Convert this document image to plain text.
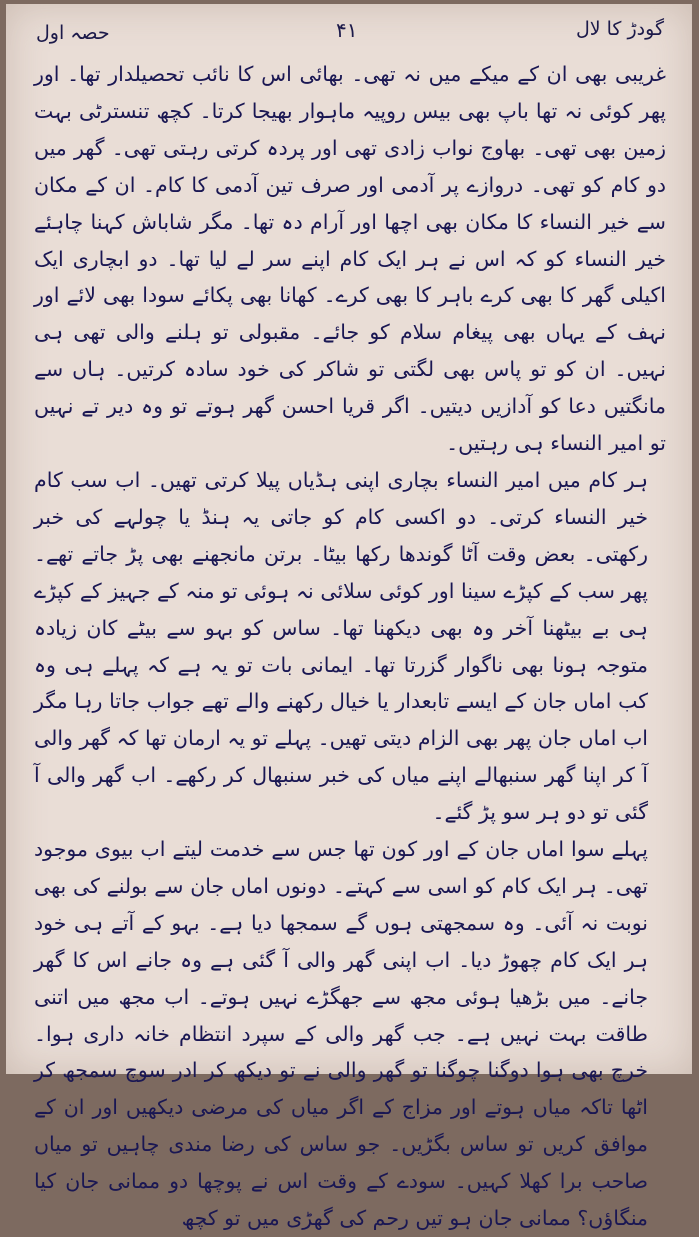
حصہ اول	۴۱	گودڑ کا لال

غریبی بھی ان کے میکے میں نہ تھی۔ بھائی اس کا نائب تحصیلدار تھا۔ اور پھر کوئی نہ تھا باپ بھی بیس روپیہ ماہوار بھیجا کرتا۔ کچھ تنسترٹی بہت زمین بھی تھی۔ بھاوج نواب زادی تھی اور پردہ کرتی رہتی تھی۔ گھر میں دو کام کو تھی۔ دروازے پر آدمی اور صرف تین آدمی کا کام۔ ان کے مکان سے خیر النساء کا مکان بھی اچھا اور آرام دہ تھا۔ مگر شاباش کہنا چاہئے خیر النساء کو کہ اس نے ہر ایک کام اپنے سر لے لیا تھا۔ دو ابچاری ایک اکیلی گھر کا بھی کرے باہر کا بھی کرے۔ کھانا بھی پکائے سودا بھی لائے اور نہف کے یہاں بھی پیغام سلام کو جائے۔ مقبولی تو ہلنے والی تھی ہی نہیں۔ ان کو تو پاس بھی لگتی تو شاکر کی خود سادہ کرتیں۔ ہاں سے مانگتیں دعا کو آدازیں دیتیں۔ اگر قریا احسن گھر ہوتے تو وہ دیر تے نہیں تو امیر النساء ہی رہتیں۔

ہر کام میں امیر النساء بچاری اپنی ہڈیاں پیلا کرتی تھیں۔ اب سب کام خیر النساء کرتی۔ دو اکسی کام کو جاتی یہ ہنڈ یا چولہے کی خبر رکھتی۔ بعض وقت آٹا گوندھا رکھا بیٹا۔ برتن مانجھنے بھی پڑ جاتے تھے۔ پھر سب کے کپڑے سینا اور کوئی سلائی نہ ہوئی تو منہ کے جہیز کے کپڑے ہی بے بیٹھنا آخر وہ بھی دیکھنا تھا۔ ساس کو بہو سے بیٹے کان زیادہ متوجہ ہونا بھی ناگوار گزرتا تھا۔ ایمانی بات تو یہ ہے کہ پہلے ہی وہ کب اماں جان کے ایسے تابعدار یا خیال رکھنے والے تھے جواب جاتا رہا مگر اب اماں جان پھر بھی الزام دیتی تھیں۔ پہلے تو یہ ارمان تھا کہ گھر والی آ کر اپنا گھر سنبھالے اپنے میاں کی خبر سنبھال کر رکھے۔ اب گھر والی آ گئی تو دو ہر سو پڑ گئے۔

پہلے سوا اماں جان کے اور کون تھا جس سے خدمت لیتے اب بیوی موجود تھی۔ ہر ایک کام کو اسی سے کہتے۔ دونوں اماں جان سے بولنے کی بھی نوبت نہ آئی۔ وہ سمجھتی ہوں گے سمجھا دیا ہے۔ بہو کے آتے ہی خود ہر ایک کام چھوڑ دیا۔ اب اپنی گھر والی آ گئی ہے وہ جانے اس کا گھر جانے۔ میں بڑھیا ہوئی مجھ سے جھگڑے نہیں ہوتے۔ اب مجھ میں اتنی طاقت بہت نہیں ہے۔ جب گھر والی کے سپرد انتظام خانہ داری ہوا۔ خرچ بھی ہوا دوگنا چوگنا تو گھر والی نے تو دیکھ کر ادر سوچ سمجھ کر اٹھا تاکہ میاں ہوتے اور مزاج کے اگر میاں کی مرضی دیکھیں اور ان کے موافق کریں تو ساس بگڑیں۔ جو ساس کی رضا مندی چاہیں تو میاں صاحب برا کھلا کہیں۔ سودے کے وقت اس نے پوچھا دو ممانی جان کیا منگاؤں؟ ممانی جان ہو تیں رحم کی گھڑی میں تو کچھ
